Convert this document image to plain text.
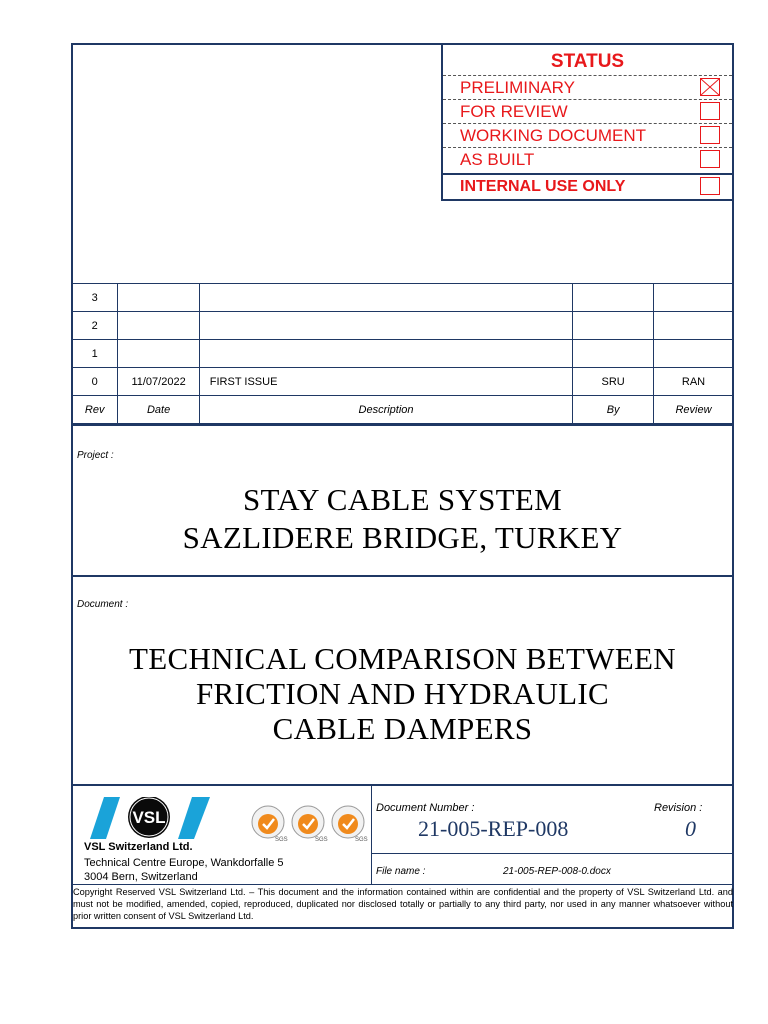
STATUS
PRELIMINARY
FOR REVIEW
WORKING DOCUMENT
AS BUILT
INTERNAL USE ONLY
3				
2				
1				
0	11/07/2022	FIRST ISSUE	SRU	RAN
Rev	Date	Description	By	Review
Project :
STAY CABLE SYSTEM
SAZLIDERE BRIDGE, TURKEY
Document :
TECHNICAL COMPARISON BETWEEN
FRICTION AND HYDRAULIC
CABLE DAMPERS
VSL
SGS	SGS	SGS
VSL Switzerland Ltd.
Technical Centre Europe, Wankdorfalle 5
3004 Bern, Switzerland
Document Number :	Revision :
21-005-REP-008	0
File name :	21-005-REP-008-0.docx
Copyright Reserved VSL Switzerland Ltd. – This document and the information contained within are confidential and the property of VSL Switzerland Ltd. and must not be modified, amended, copied, reproduced, duplicated nor disclosed totally or partially to any third party, nor used in any manner whatsoever without prior written consent of VSL Switzerland Ltd.
